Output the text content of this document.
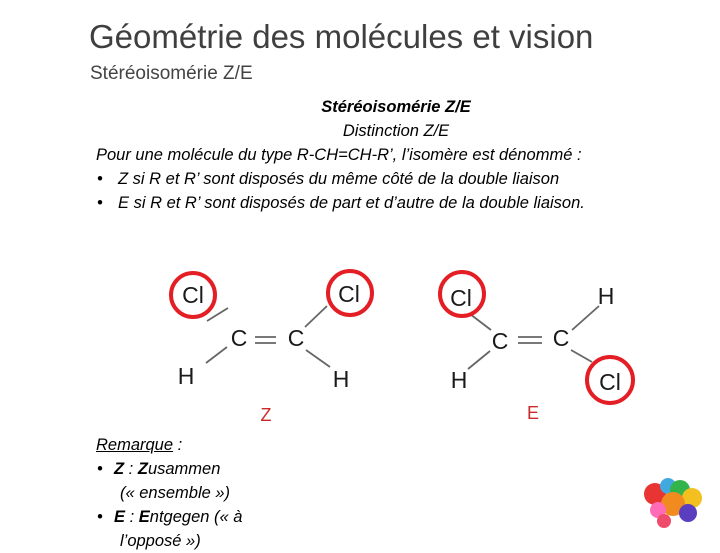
Géométrie des molécules et vision
Stéréoisomérie Z/E
Stéréoisomérie Z/E
Distinction Z/E
Pour une molécule du type R-CH=CH-R’, l’isomère est dénommé :
• Z si R et R’ sont disposés du même côté de la double liaison
• E si R et R’ sont disposés de part et d’autre de la double liaison.
Cl	Cl
C C
H	H
Z
Cl	H
C C
H	Cl
E
Remarque :
• Z : Zusammen
(« ensemble »)
• E : Entgegen (« à
l’opposé »)
